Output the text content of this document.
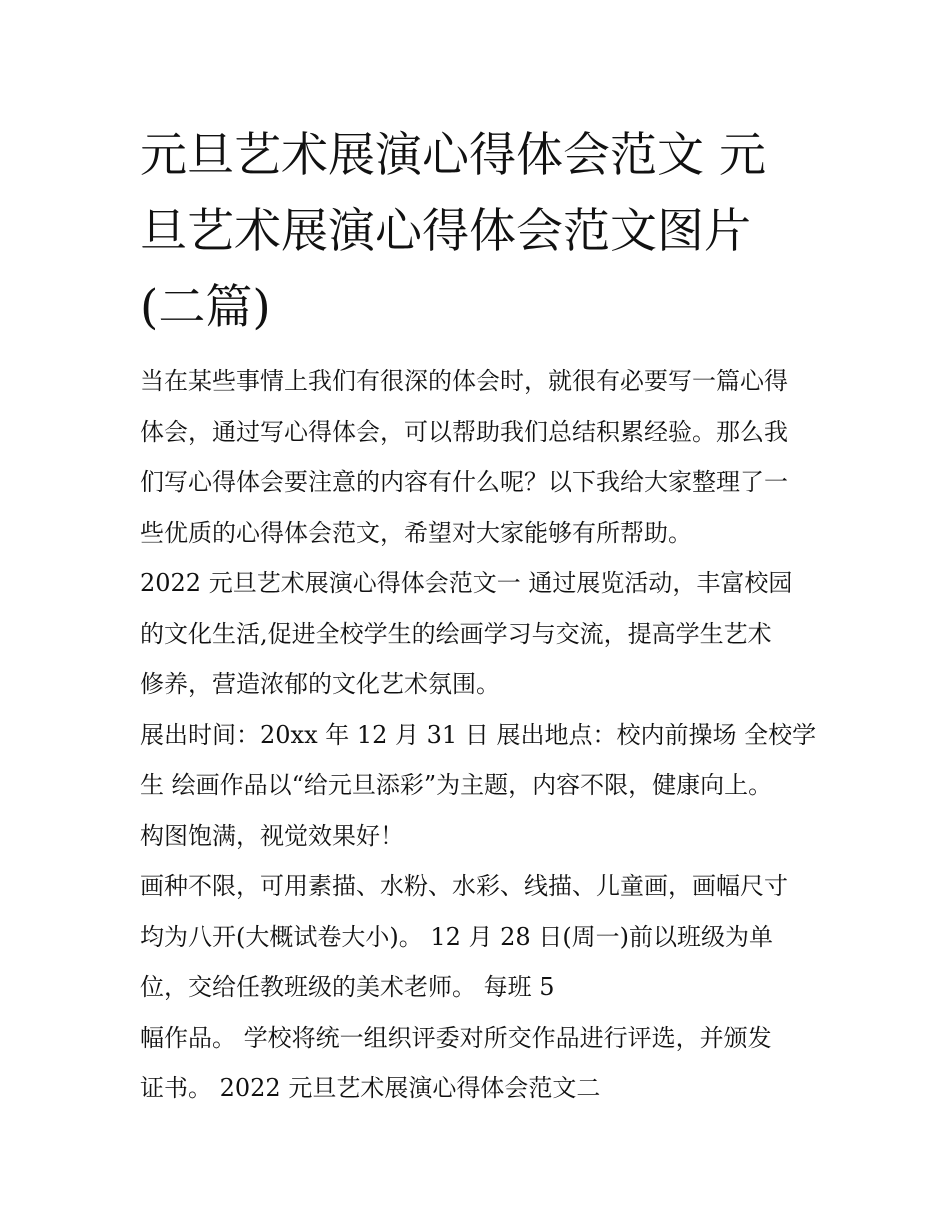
元旦艺术展演心得体会范文 元
旦艺术展演心得体会范文图片
(二篇)

当在某些事情上我们有很深的体会时，就很有必要写一篇心得
体会，通过写心得体会，可以帮助我们总结积累经验。那么我
们写心得体会要注意的内容有什么呢？以下我给大家整理了一
些优质的心得体会范文，希望对大家能够有所帮助。

2022 元旦艺术展演心得体会范文一 通过展览活动，丰富校园
的文化生活,促进全校学生的绘画学习与交流，提高学生艺术
修养，营造浓郁的文化艺术氛围。

展出时间：20xx 年 12 月 31 日 展出地点：校内前操场 全校学
生 绘画作品以“给元旦添彩”为主题，内容不限，健康向上。
构图饱满，视觉效果好！

画种不限，可用素描、水粉、水彩、线描、儿童画，画幅尺寸
均为八开(大概试卷大小)。 12 月 28 日(周一)前以班级为单
位，交给任教班级的美术老师。 每班 5

幅作品。 学校将统一组织评委对所交作品进行评选，并颁发
证书。 2022 元旦艺术展演心得体会范文二
